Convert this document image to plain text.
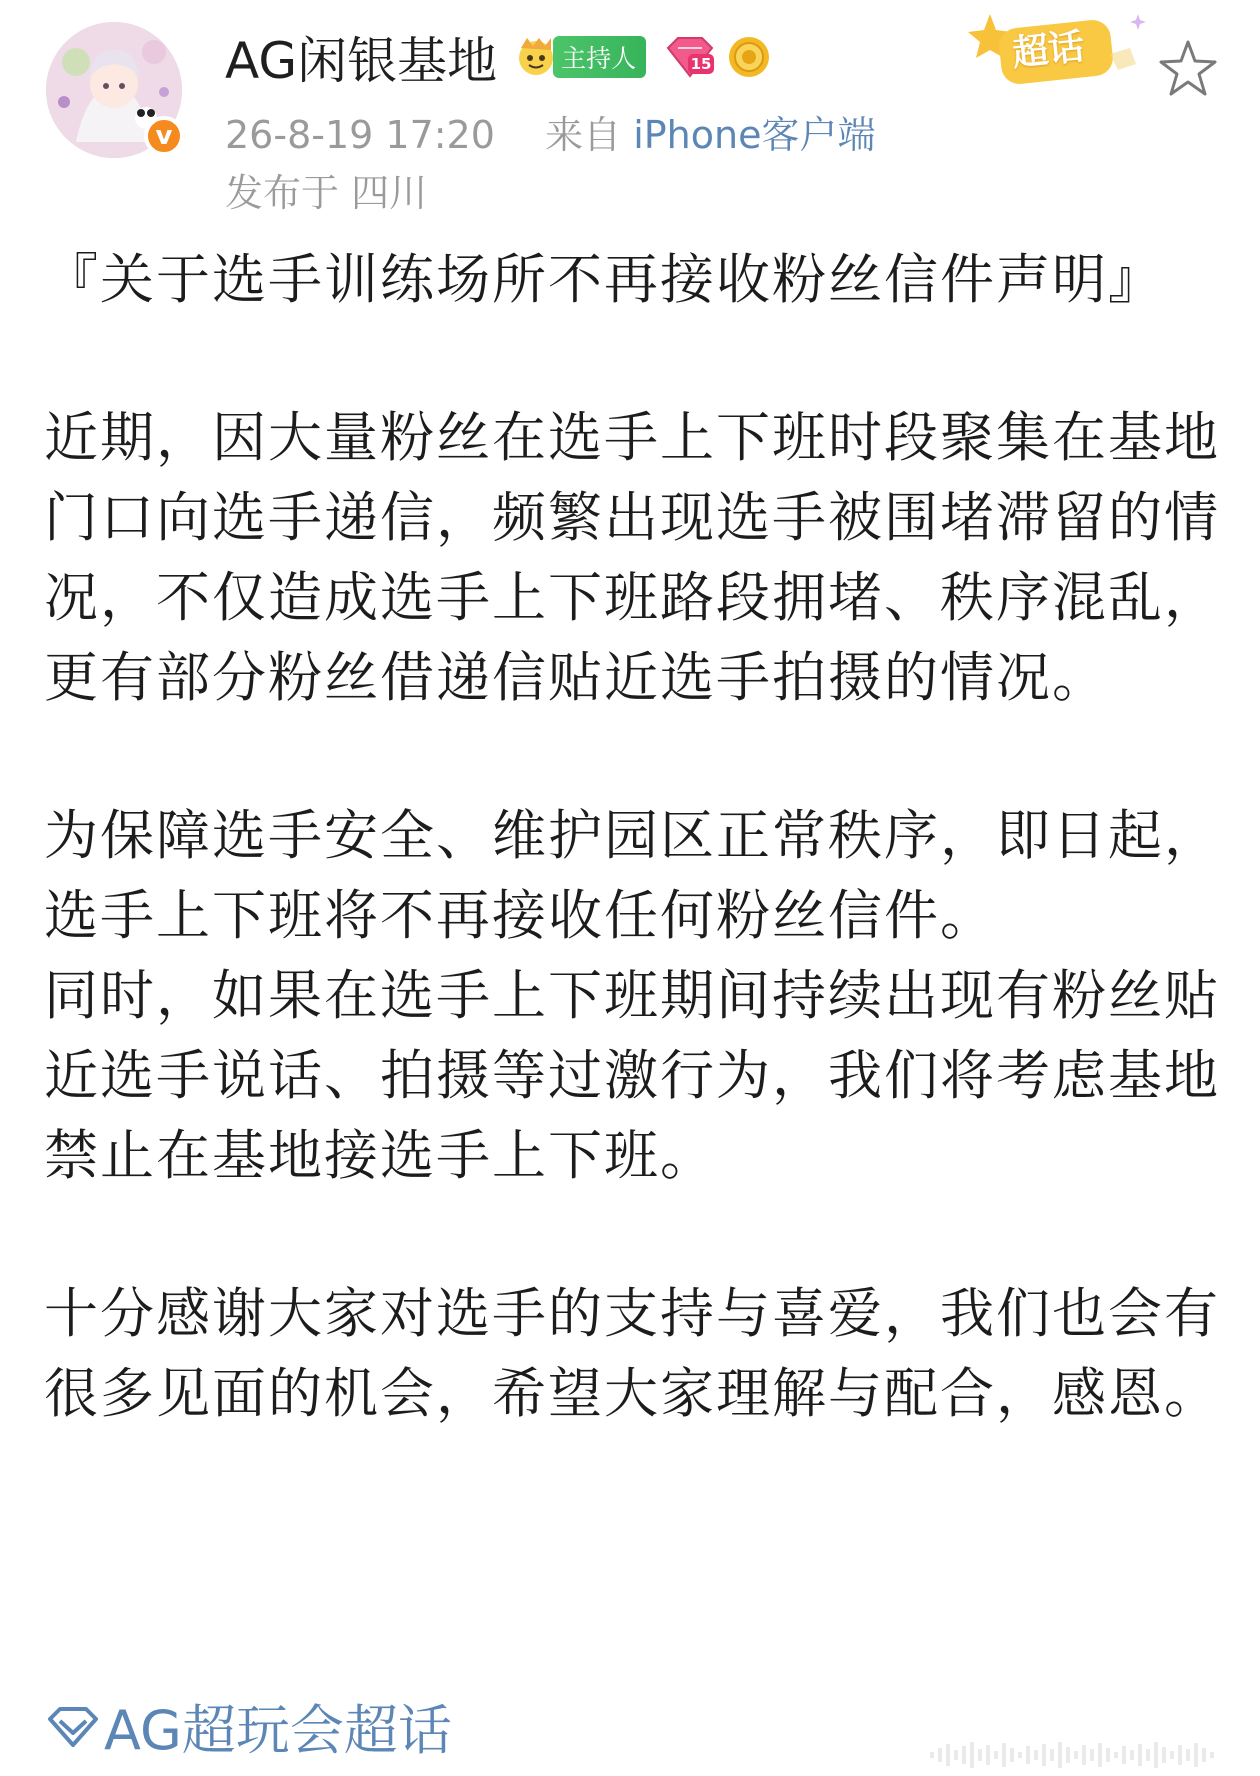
v
AG闲银基地	主持人	15
26-8-19 17:20 来自 iPhone客户端
发布于 四川
超话

『关于选手训练场所不再接收粉丝信件声明』

近期，因大量粉丝在选手上下班时段聚集在基地门口向选手递信，频繁出现选手被围堵滞留的情况，不仅造成选手上下班路段拥堵、秩序混乱，更有部分粉丝借递信贴近选手拍摄的情况。

为保障选手安全、维护园区正常秩序，即日起，选手上下班将不再接收任何粉丝信件。

同时，如果在选手上下班期间持续出现有粉丝贴近选手说话、拍摄等过激行为，我们将考虑基地禁止在基地接选手上下班。

十分感谢大家对选手的支持与喜爱，我们也会有很多见面的机会，希望大家理解与配合，感恩。

AG超玩会超话
